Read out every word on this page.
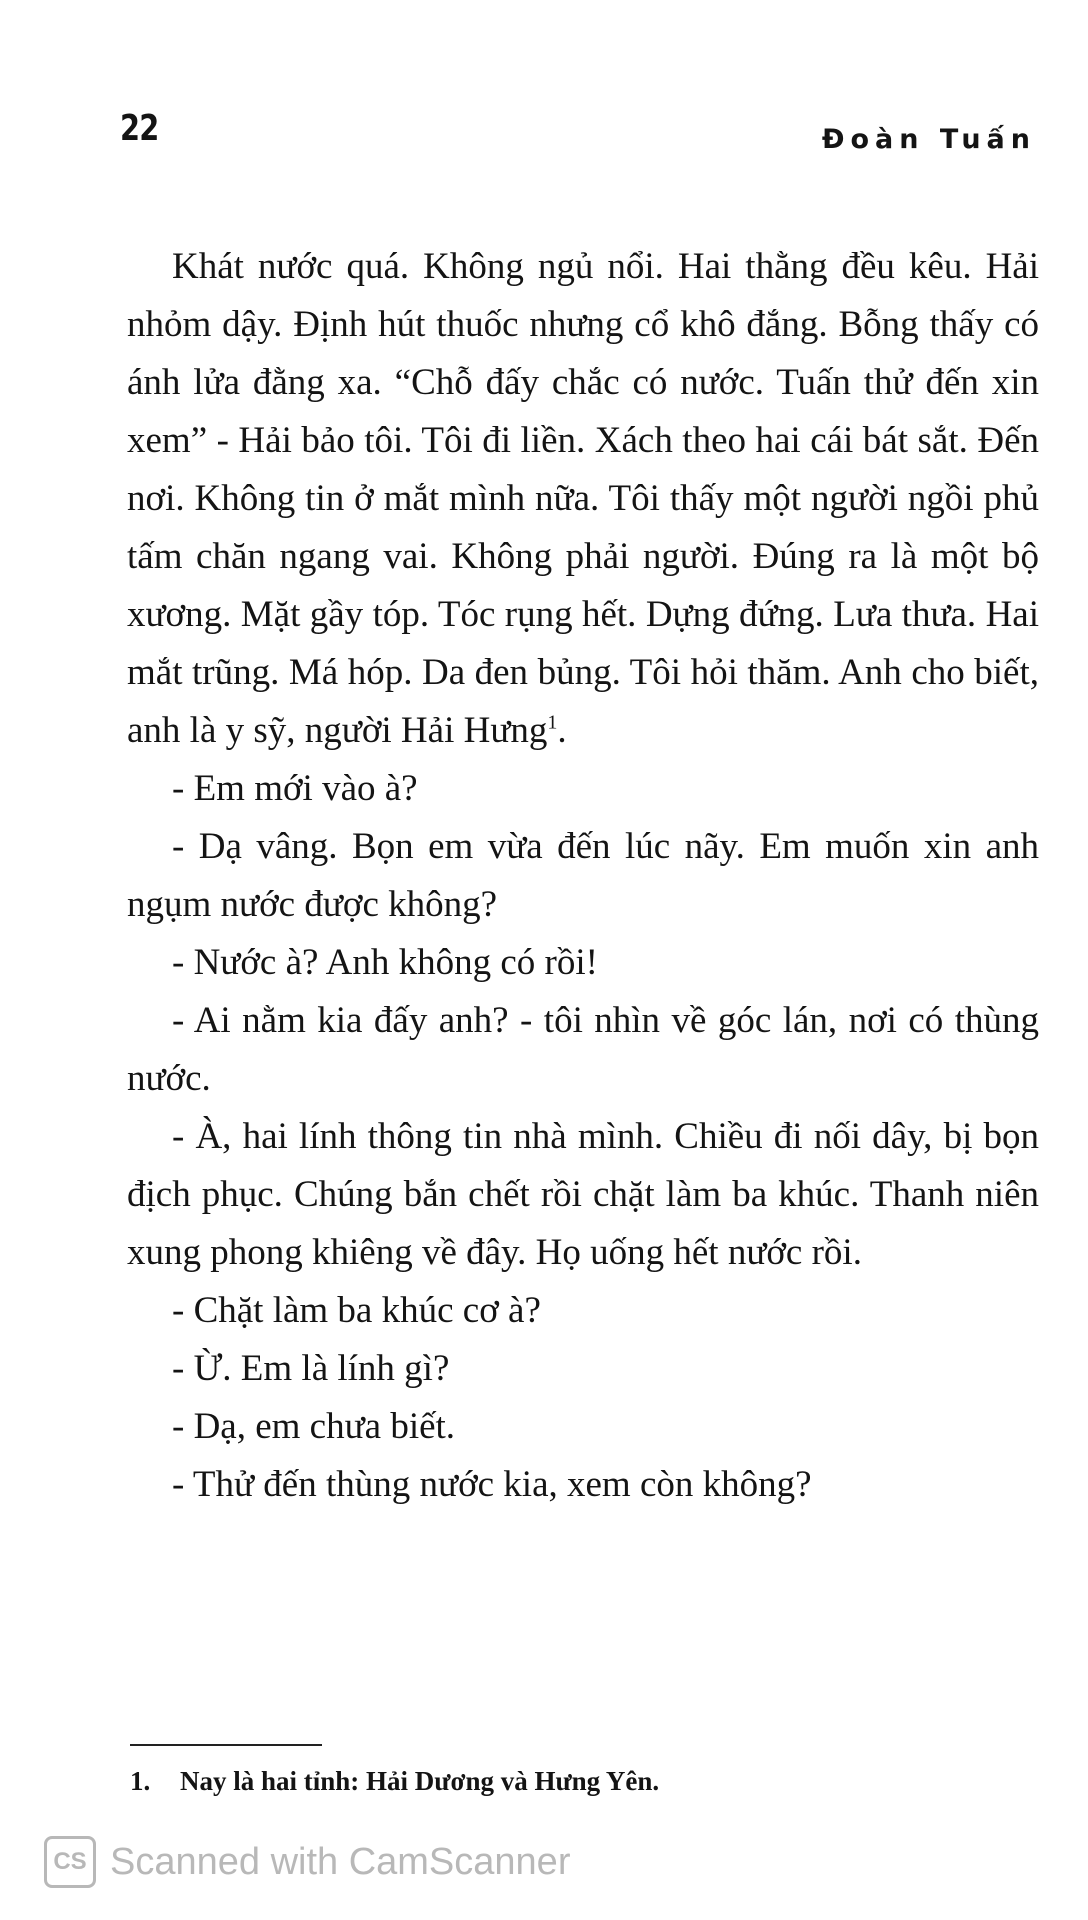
22	Đoàn Tuấn

Khát nước quá. Không ngủ nổi. Hai thằng đều kêu. Hải nhỏm dậy. Định hút thuốc nhưng cổ khô đắng. Bỗng thấy có ánh lửa đằng xa. “Chỗ đấy chắc có nước. Tuấn thử đến xin xem” - Hải bảo tôi. Tôi đi liền. Xách theo hai cái bát sắt. Đến nơi. Không tin ở mắt mình nữa. Tôi thấy một người ngồi phủ tấm chăn ngang vai. Không phải người. Đúng ra là một bộ xương. Mặt gầy tóp. Tóc rụng hết. Dựng đứng. Lưa thưa. Hai mắt trũng. Má hóp. Da đen bủng. Tôi hỏi thăm. Anh cho biết, anh là y sỹ, người Hải Hưng$^1$.

- Em mới vào à?

- Dạ vâng. Bọn em vừa đến lúc nãy. Em muốn xin anh ngụm nước được không?

- Nước à? Anh không có rồi!

- Ai nằm kia đấy anh? - tôi nhìn về góc lán, nơi có thùng nước.

- À, hai lính thông tin nhà mình. Chiều đi nối dây, bị bọn địch phục. Chúng bắn chết rồi chặt làm ba khúc. Thanh niên xung phong khiêng về đây. Họ uống hết nước rồi.

- Chặt làm ba khúc cơ à?

- Ừ. Em là lính gì?

- Dạ, em chưa biết.

- Thử đến thùng nước kia, xem còn không?

1. Nay là hai tỉnh: Hải Dương và Hưng Yên.
CS Scanned with CamScanner
